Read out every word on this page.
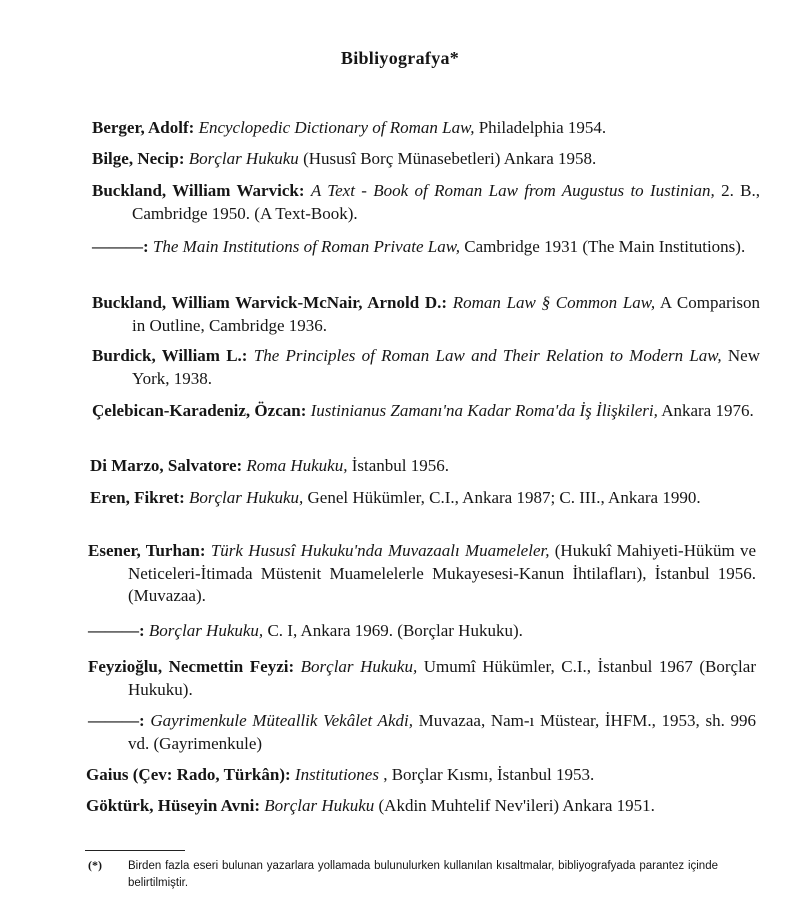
Bibliyografya*
Berger, Adolf: Encyclopedic Dictionary of Roman Law, Philadelphia 1954.
Bilge, Necip: Borçlar Hukuku (Hususî Borç Münasebetleri) Ankara 1958.
Buckland, William Warvick: A Text - Book of Roman Law from Augustus to Iustinian, 2. B., Cambridge 1950. (A Text-Book).
———: The Main Institutions of Roman Private Law, Cambridge 1931 (The Main Institutions).
Buckland, William Warvick-McNair, Arnold D.: Roman Law § Common Law, A Comparison in Outline, Cambridge 1936.
Burdick, William L.: The Principles of Roman Law and Their Relation to Modern Law, New York, 1938.
Çelebican-Karadeniz, Özcan: Iustinianus Zamanı'na Kadar Roma'da İş İlişkileri, Ankara 1976.
Di Marzo, Salvatore: Roma Hukuku, İstanbul 1956.
Eren, Fikret: Borçlar Hukuku, Genel Hükümler, C.I., Ankara 1987; C. III., Ankara 1990.
Esener, Turhan: Türk Hususî Hukuku'nda Muvazaalı Muameleler, (Hukukî Mahiyeti-Hüküm ve Neticeleri-İtimada Müstenit Muamelelerle Mukayesesi-Kanun İhtilafları), İstanbul 1956. (Muvazaa).
———: Borçlar Hukuku, C. I, Ankara 1969. (Borçlar Hukuku).
Feyzioğlu, Necmettin Feyzi: Borçlar Hukuku, Umumî Hükümler, C.I., İstanbul 1967 (Borçlar Hukuku).
———: Gayrimenkule Müteallik Vekâlet Akdi, Muvazaa, Nam-ı Müstear, İHFM., 1953, sh. 996 vd. (Gayrimenkule)
Gaius (Çev: Rado, Türkân): Institutiones , Borçlar Kısmı, İstanbul 1953.
Göktürk, Hüseyin Avni: Borçlar Hukuku (Akdin Muhtelif Nev'ileri) Ankara 1951.
(*) Birden fazla eseri bulunan yazarlara yollamada bulunulurken kullanılan kısaltmalar, bibliyografyada parantez içinde belirtilmiştir.
